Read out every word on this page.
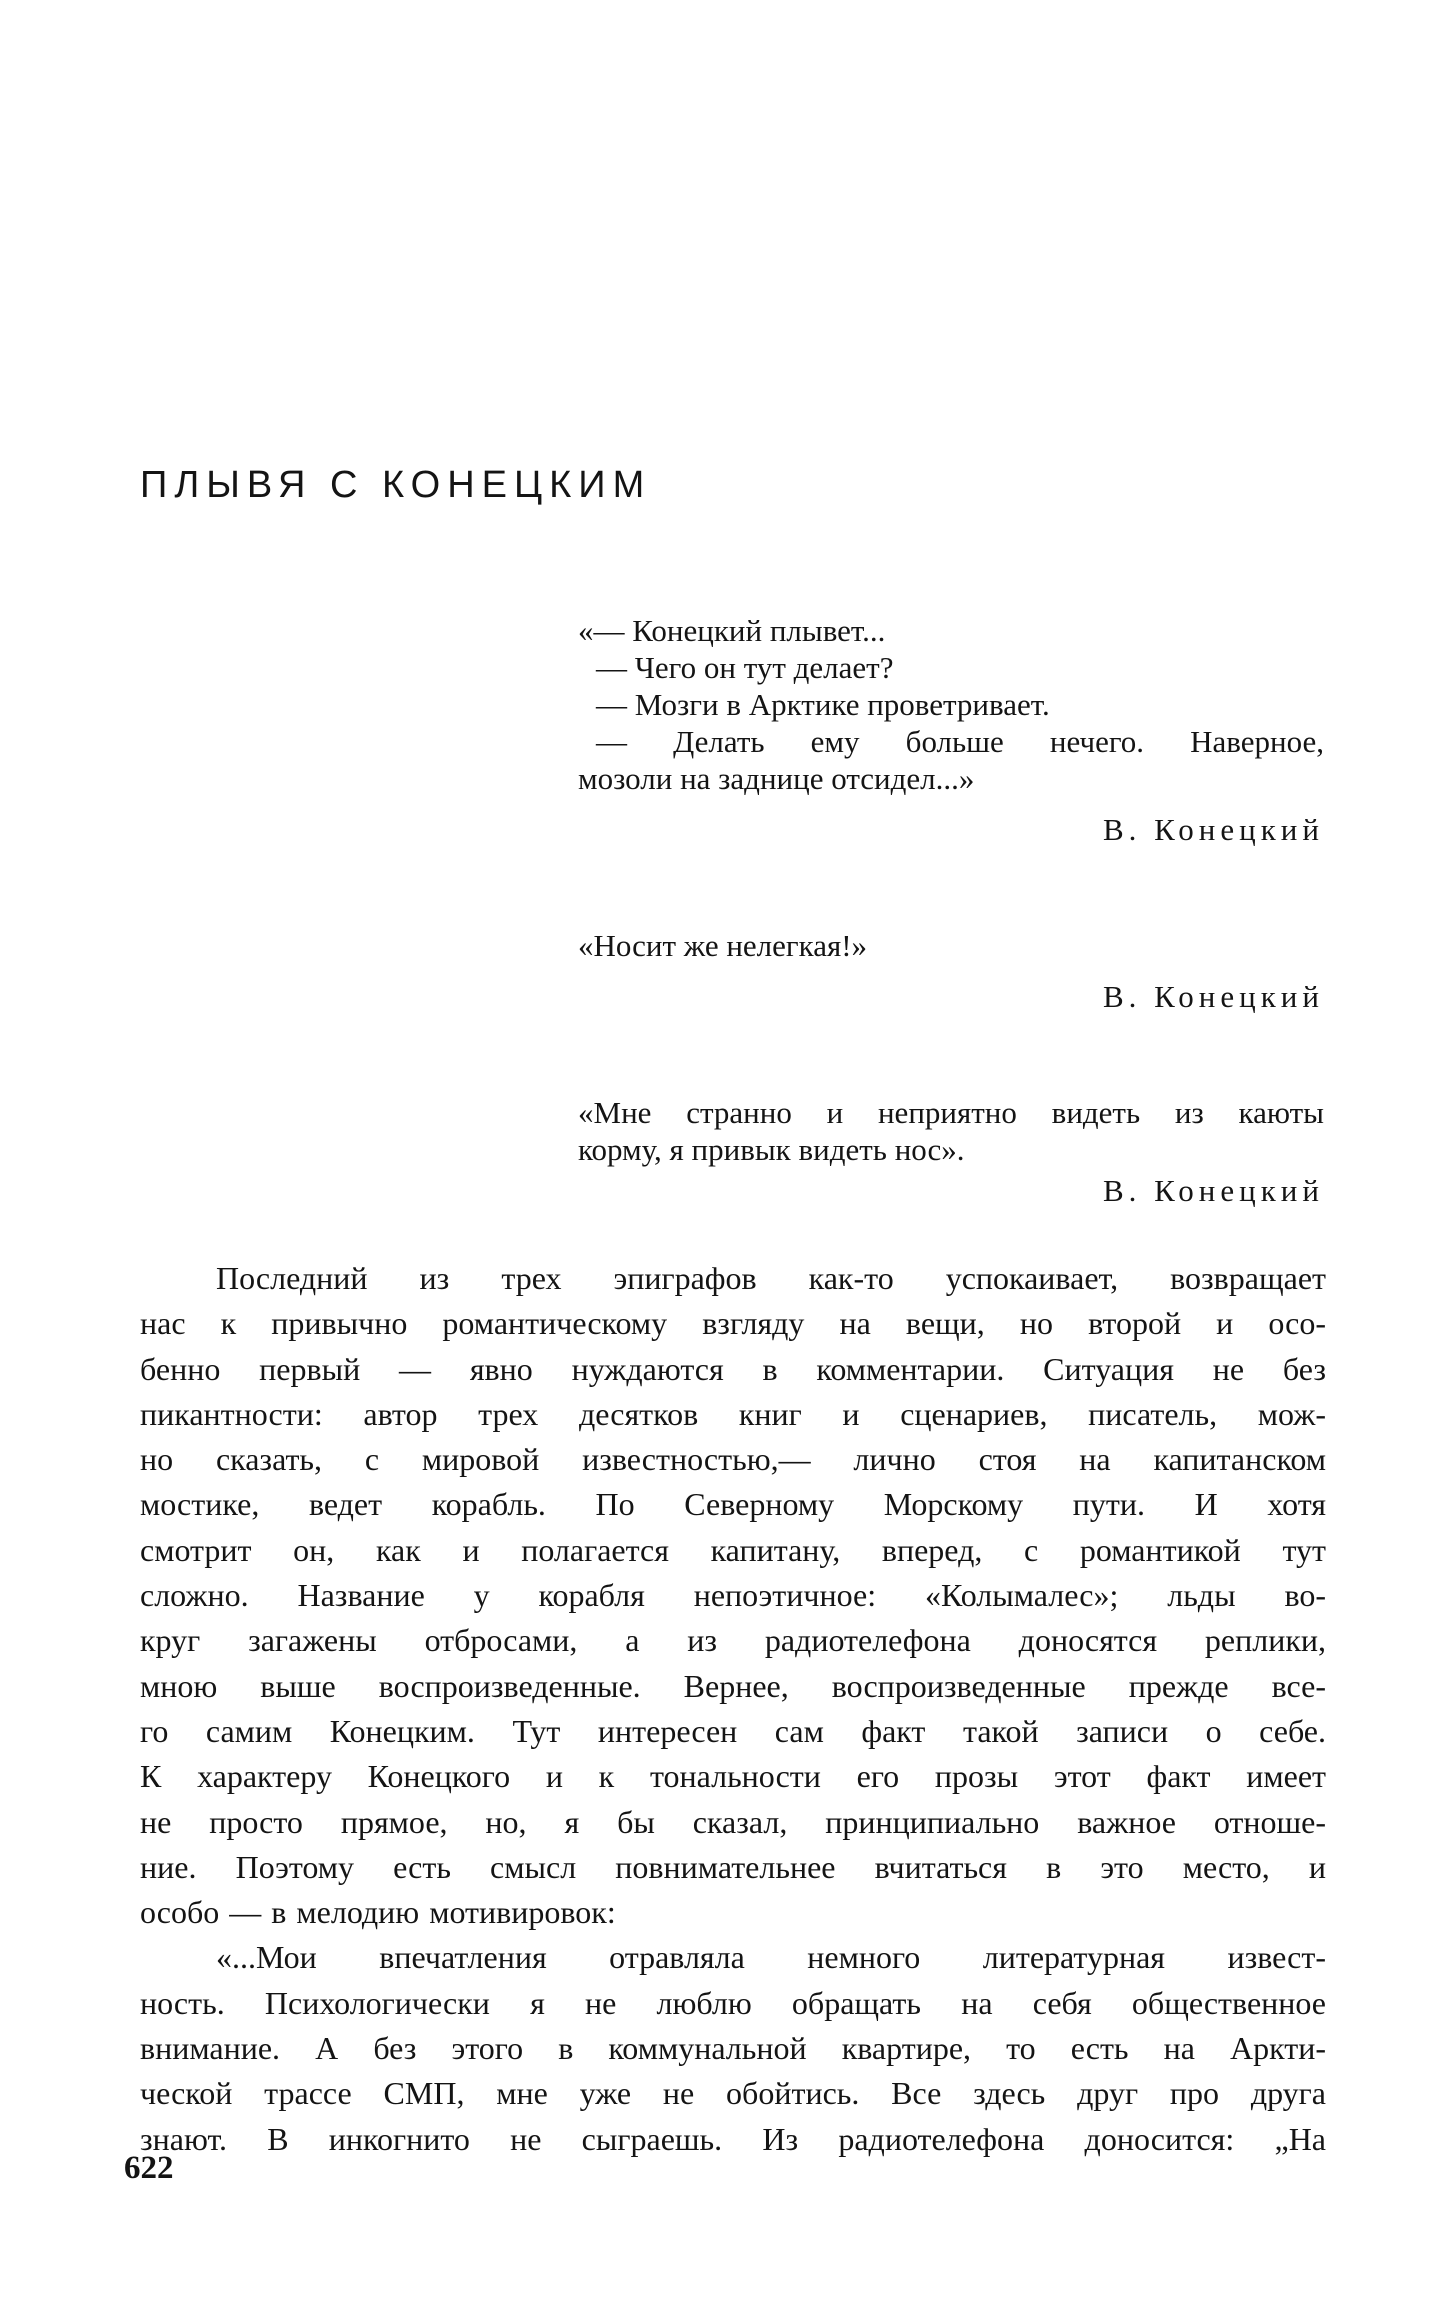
ПЛЫВЯ С КОНЕЦКИМ
«— Конецкий плывет...
— Чего он тут делает?
— Мозги в Арктике проветривает.
— Делать ему больше нечего. Наверное,
мозоли на заднице отсидел...»
В. Конецкий
«Носит же нелегкая!»
В. Конецкий
«Мне странно и неприятно видеть из каюты
корму, я привык видеть нос».
В. Конецкий
Последний из трех эпиграфов как-то успокаивает, возвращает
нас к привычно романтическому взгляду на вещи, но второй и осо-
бенно первый — явно нуждаются в комментарии. Ситуация не без
пикантности: автор трех десятков книг и сценариев, писатель, мож-
но сказать, с мировой известностью,— лично стоя на капитанском
мостике, ведет корабль. По Северному Морскому пути. И хотя
смотрит он, как и полагается капитану, вперед, с романтикой тут
сложно. Название у корабля непоэтичное: «Колымалес»; льды во-
круг загажены отбросами, а из радиотелефона доносятся реплики,
мною выше воспроизведенные. Вернее, воспроизведенные прежде все-
го самим Конецким. Тут интересен сам факт такой записи о себе.
К характеру Конецкого и к тональности его прозы этот факт имеет
не просто прямое, но, я бы сказал, принципиально важное отноше-
ние. Поэтому есть смысл повнимательнее вчитаться в это место, и
особо — в мелодию мотивировок:
«...Мои впечатления отравляла немного литературная извест-
ность. Психологически я не люблю обращать на себя общественное
внимание. А без этого в коммунальной квартире, то есть на Аркти-
ческой трассе СМП, мне уже не обойтись. Все здесь друг про друга
знают. В инкогнито не сыграешь. Из радиотелефона доносится: „На
622
